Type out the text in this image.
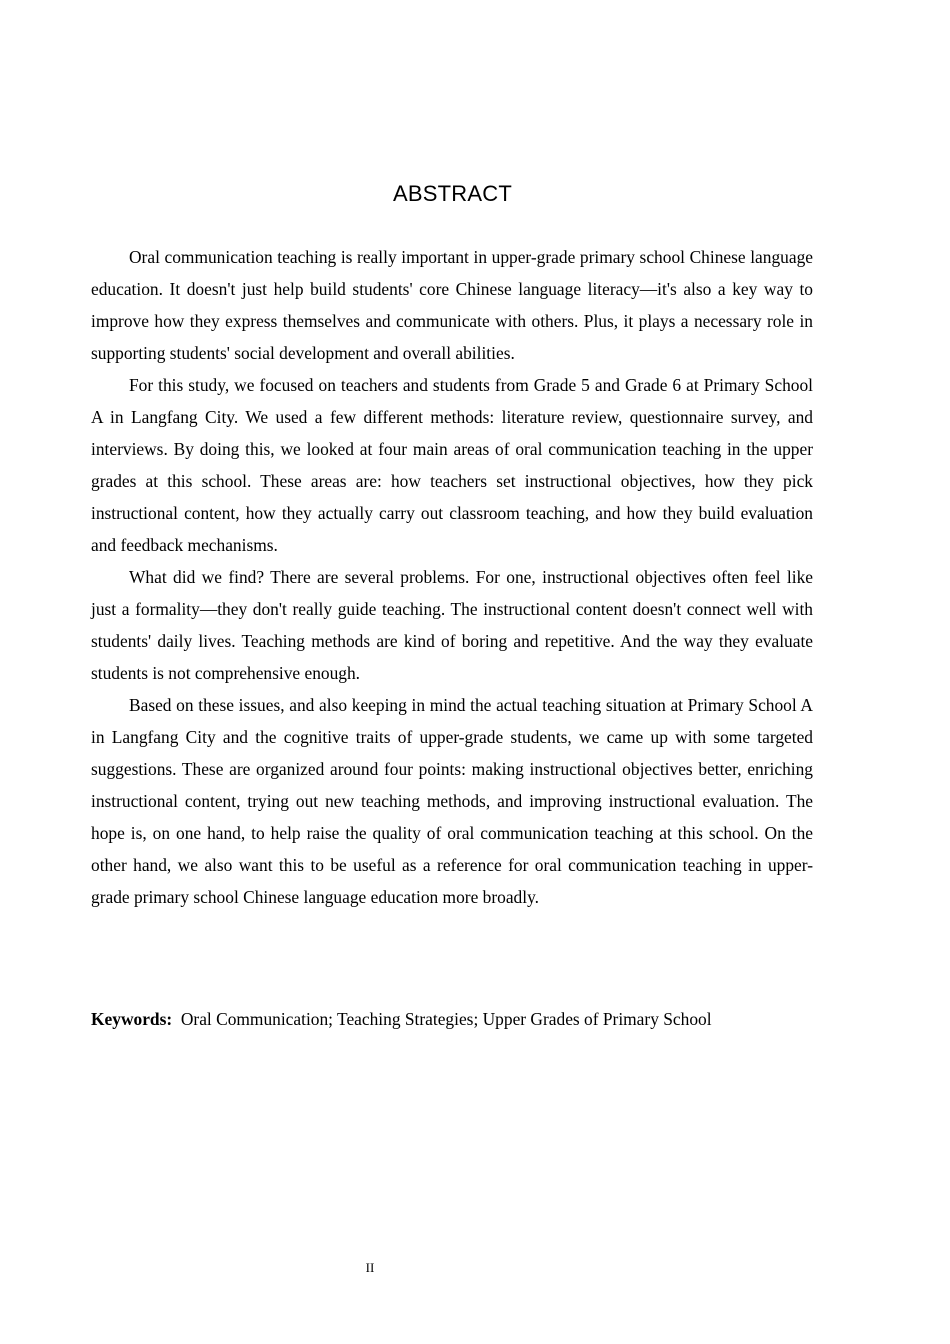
ABSTRACT

Oral communication teaching is really important in upper-grade primary school Chinese language education. It doesn't just help build students' core Chinese language literacy—it's also a key way to improve how they express themselves and communicate with others. Plus, it plays a necessary role in supporting students' social development and overall abilities.

For this study, we focused on teachers and students from Grade 5 and Grade 6 at Primary School A in Langfang City. We used a few different methods: literature review, questionnaire survey, and interviews. By doing this, we looked at four main areas of oral communication teaching in the upper grades at this school. These areas are: how teachers set instructional objectives, how they pick instructional content, how they actually carry out classroom teaching, and how they build evaluation and feedback mechanisms.

What did we find? There are several problems. For one, instructional objectives often feel like just a formality—they don't really guide teaching. The instructional content doesn't connect well with students' daily lives. Teaching methods are kind of boring and repetitive. And the way they evaluate students is not comprehensive enough.

Based on these issues, and also keeping in mind the actual teaching situation at Primary School A in Langfang City and the cognitive traits of upper-grade students, we came up with some targeted suggestions. These are organized around four points: making instructional objectives better, enriching instructional content, trying out new teaching methods, and improving instructional evaluation. The hope is, on one hand, to help raise the quality of oral communication teaching at this school. On the other hand, we also want this to be useful as a reference for oral communication teaching in upper-grade primary school Chinese language education more broadly.

Keywords: Oral Communication; Teaching Strategies; Upper Grades of Primary School
II
